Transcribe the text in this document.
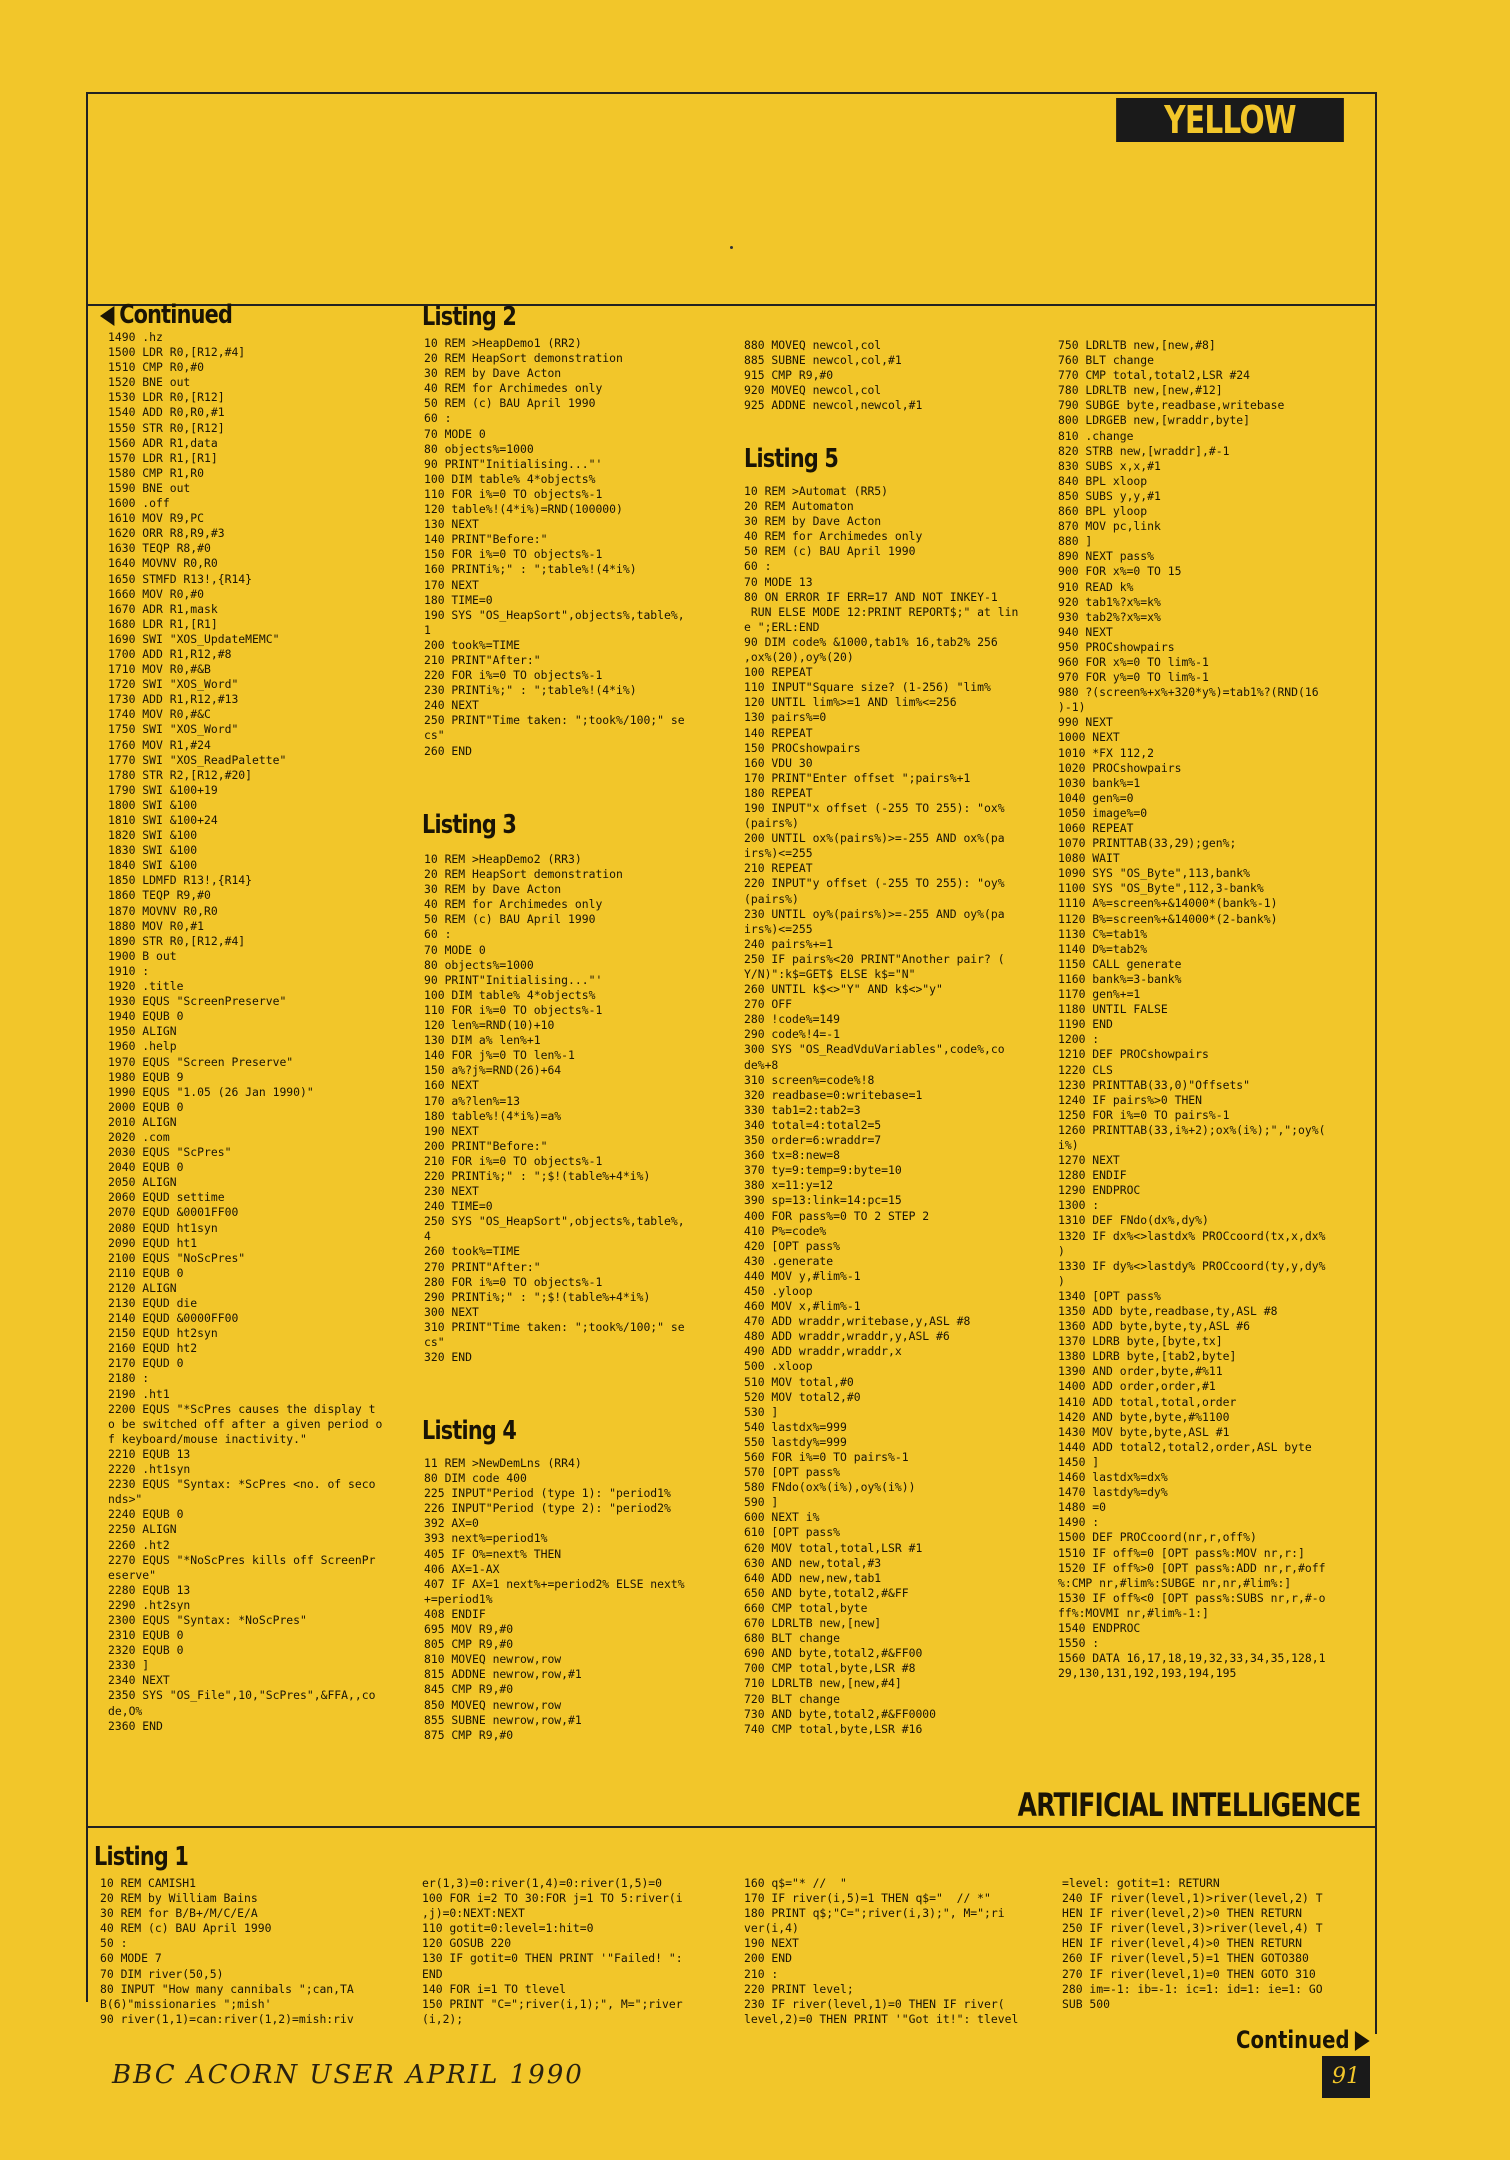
YELLOW PAGES
Continued

1490 .hz

1500 LDR R0,[R12,#4]

1510 CMP R0,#0

1520 BNE out

1530 LDR R0,[R12]

1540 ADD R0,R0,#1

1550 STR R0,[R12]

1560 ADR R1,data

1570 LDR R1,[R1]

1580 CMP R1,R0

1590 BNE out

1600 .off

1610 MOV R9,PC

1620 ORR R8,R9,#3

1630 TEQP R8,#0

1640 MOVNV R0,R0

1650 STMFD R13!,{R14}

1660 MOV R0,#0

1670 ADR R1,mask

1680 LDR R1,[R1]

1690 SWI "XOS_UpdateMEMC"

1700 ADD R1,R12,#8

1710 MOV R0,#&B

1720 SWI "XOS_Word"

1730 ADD R1,R12,#13

1740 MOV R0,#&C

1750 SWI "XOS_Word"

1760 MOV R1,#24

1770 SWI "XOS_ReadPalette"

1780 STR R2,[R12,#20]

1790 SWI &100+19

1800 SWI &100

1810 SWI &100+24

1820 SWI &100

1830 SWI &100

1840 SWI &100

1850 LDMFD R13!,{R14}

1860 TEQP R9,#0

1870 MOVNV R0,R0

1880 MOV R0,#1

1890 STR R0,[R12,#4]

1900 B out

1910 :

1920 .title

1930 EQUS "ScreenPreserve"

1940 EQUB 0

1950 ALIGN

1960 .help

1970 EQUS "Screen Preserve"

1980 EQUB 9

1990 EQUS "1.05 (26 Jan 1990)"

2000 EQUB 0

2010 ALIGN

2020 .com

2030 EQUS "ScPres"

2040 EQUB 0

2050 ALIGN

2060 EQUD settime

2070 EQUD &0001FF00

2080 EQUD ht1syn

2090 EQUD ht1

2100 EQUS "NoScPres"

2110 EQUB 0

2120 ALIGN

2130 EQUD die

2140 EQUD &0000FF00

2150 EQUD ht2syn

2160 EQUD ht2

2170 EQUD 0

2180 :

2190 .ht1

2200 EQUS "*ScPres causes the display t

o be switched off after a given period o

f keyboard/mouse inactivity."

2210 EQUB 13

2220 .ht1syn

2230 EQUS "Syntax: *ScPres <no. of seco

nds>"

2240 EQUB 0

2250 ALIGN

2260 .ht2

2270 EQUS "*NoScPres kills off ScreenPr

eserve"

2280 EQUB 13

2290 .ht2syn

2300 EQUS "Syntax: *NoScPres"

2310 EQUB 0

2320 EQUB 0

2330 ]

2340 NEXT

2350 SYS "OS_File",10,"ScPres",&FFA,,co

de,O%

2360 END

Listing 2

10 REM >HeapDemo1 (RR2)

20 REM HeapSort demonstration

30 REM by Dave Acton

40 REM for Archimedes only

50 REM (c) BAU April 1990

60 :

70 MODE 0

80 objects%=1000

90 PRINT"Initialising..."'

100 DIM table% 4*objects%

110 FOR i%=0 TO objects%-1

120 table%!(4*i%)=RND(100000)

130 NEXT

140 PRINT"Before:"

150 FOR i%=0 TO objects%-1

160 PRINTi%;" : ";table%!(4*i%)

170 NEXT

180 TIME=0

190 SYS "OS_HeapSort",objects%,table%,

1

200 took%=TIME

210 PRINT"After:"

220 FOR i%=0 TO objects%-1

230 PRINTi%;" : ";table%!(4*i%)

240 NEXT

250 PRINT"Time taken: ";took%/100;" se

cs"

260 END

Listing 3

10 REM >HeapDemo2 (RR3)

20 REM HeapSort demonstration

30 REM by Dave Acton

40 REM for Archimedes only

50 REM (c) BAU April 1990

60 :

70 MODE 0

80 objects%=1000

90 PRINT"Initialising..."'

100 DIM table% 4*objects%

110 FOR i%=0 TO objects%-1

120 len%=RND(10)+10

130 DIM a% len%+1

140 FOR j%=0 TO len%-1

150 a%?j%=RND(26)+64

160 NEXT

170 a%?len%=13

180 table%!(4*i%)=a%

190 NEXT

200 PRINT"Before:"

210 FOR i%=0 TO objects%-1

220 PRINTi%;" : ";$!(table%+4*i%)

230 NEXT

240 TIME=0

250 SYS "OS_HeapSort",objects%,table%,

4

260 took%=TIME

270 PRINT"After:"

280 FOR i%=0 TO objects%-1

290 PRINTi%;" : ";$!(table%+4*i%)

300 NEXT

310 PRINT"Time taken: ";took%/100;" se

cs"

320 END

Listing 4

11 REM >NewDemLns (RR4)

80 DIM code 400

225 INPUT"Period (type 1): "period1%

226 INPUT"Period (type 2): "period2%

392 AX=0

393 next%=period1%

405 IF O%=next% THEN

406 AX=1-AX

407 IF AX=1 next%+=period2% ELSE next%

+=period1%

408 ENDIF

695 MOV R9,#0

805 CMP R9,#0

810 MOVEQ newrow,row

815 ADDNE newrow,row,#1

845 CMP R9,#0

850 MOVEQ newrow,row

855 SUBNE newrow,row,#1

875 CMP R9,#0

880 MOVEQ newcol,col

885 SUBNE newcol,col,#1

915 CMP R9,#0

920 MOVEQ newcol,col

925 ADDNE newcol,newcol,#1

Listing 5

10 REM >Automat (RR5)

20 REM Automaton

30 REM by Dave Acton

40 REM for Archimedes only

50 REM (c) BAU April 1990

60 :

70 MODE 13

80 ON ERROR IF ERR=17 AND NOT INKEY-1

RUN ELSE MODE 12:PRINT REPORT$;" at lin

e ";ERL:END

90 DIM code% &1000,tab1% 16,tab2% 256

,ox%(20),oy%(20)

100 REPEAT

110 INPUT"Square size? (1-256) "lim%

120 UNTIL lim%>=1 AND lim%<=256

130 pairs%=0

140 REPEAT

150 PROCshowpairs

160 VDU 30

170 PRINT"Enter offset ";pairs%+1

180 REPEAT

190 INPUT"x offset (-255 TO 255): "ox%

(pairs%)

200 UNTIL ox%(pairs%)>=-255 AND ox%(pa

irs%)<=255

210 REPEAT

220 INPUT"y offset (-255 TO 255): "oy%

(pairs%)

230 UNTIL oy%(pairs%)>=-255 AND oy%(pa

irs%)<=255

240 pairs%+=1

250 IF pairs%<20 PRINT"Another pair? (

Y/N)":k$=GET$ ELSE k$="N"

260 UNTIL k$<>"Y" AND k$<>"y"

270 OFF

280 !code%=149

290 code%!4=-1

300 SYS "OS_ReadVduVariables",code%,co

de%+8

310 screen%=code%!8

320 readbase=0:writebase=1

330 tab1=2:tab2=3

340 total=4:total2=5

350 order=6:wraddr=7

360 tx=8:new=8

370 ty=9:temp=9:byte=10

380 x=11:y=12

390 sp=13:link=14:pc=15

400 FOR pass%=0 TO 2 STEP 2

410 P%=code%

420 [OPT pass%

430 .generate

440 MOV y,#lim%-1

450 .yloop

460 MOV x,#lim%-1

470 ADD wraddr,writebase,y,ASL #8

480 ADD wraddr,wraddr,y,ASL #6

490 ADD wraddr,wraddr,x

500 .xloop

510 MOV total,#0

520 MOV total2,#0

530 ]

540 lastdx%=999

550 lastdy%=999

560 FOR i%=0 TO pairs%-1

570 [OPT pass%

580 FNdo(ox%(i%),oy%(i%))

590 ]

600 NEXT i%

610 [OPT pass%

620 MOV total,total,LSR #1

630 AND new,total,#3

640 ADD new,new,tab1

650 AND byte,total2,#&FF

660 CMP total,byte

670 LDRLTB new,[new]

680 BLT change

690 AND byte,total2,#&FF00

700 CMP total,byte,LSR #8

710 LDRLTB new,[new,#4]

720 BLT change

730 AND byte,total2,#&FF0000

740 CMP total,byte,LSR #16

750 LDRLTB new,[new,#8]

760 BLT change

770 CMP total,total2,LSR #24

780 LDRLTB new,[new,#12]

790 SUBGE byte,readbase,writebase

800 LDRGEB new,[wraddr,byte]

810 .change

820 STRB new,[wraddr],#-1

830 SUBS x,x,#1

840 BPL xloop

850 SUBS y,y,#1

860 BPL yloop

870 MOV pc,link

880 ]

890 NEXT pass%

900 FOR x%=0 TO 15

910 READ k%

920 tab1%?x%=k%

930 tab2%?x%=x%

940 NEXT

950 PROCshowpairs

960 FOR x%=0 TO lim%-1

970 FOR y%=0 TO lim%-1

980 ?(screen%+x%+320*y%)=tab1%?(RND(16

)-1)

990 NEXT

1000 NEXT

1010 *FX 112,2

1020 PROCshowpairs

1030 bank%=1

1040 gen%=0

1050 image%=0

1060 REPEAT

1070 PRINTTAB(33,29);gen%;

1080 WAIT

1090 SYS "OS_Byte",113,bank%

1100 SYS "OS_Byte",112,3-bank%

1110 A%=screen%+&14000*(bank%-1)

1120 B%=screen%+&14000*(2-bank%)

1130 C%=tab1%

1140 D%=tab2%

1150 CALL generate

1160 bank%=3-bank%

1170 gen%+=1

1180 UNTIL FALSE

1190 END

1200 :

1210 DEF PROCshowpairs

1220 CLS

1230 PRINTTAB(33,0)"Offsets"

1240 IF pairs%>0 THEN

1250 FOR i%=0 TO pairs%-1

1260 PRINTTAB(33,i%+2);ox%(i%);",";oy%(

i%)

1270 NEXT

1280 ENDIF

1290 ENDPROC

1300 :

1310 DEF FNdo(dx%,dy%)

1320 IF dx%<>lastdx% PROCcoord(tx,x,dx%

)

1330 IF dy%<>lastdy% PROCcoord(ty,y,dy%

)

1340 [OPT pass%

1350 ADD byte,readbase,ty,ASL #8

1360 ADD byte,byte,ty,ASL #6

1370 LDRB byte,[byte,tx]

1380 LDRB byte,[tab2,byte]

1390 AND order,byte,#%11

1400 ADD order,order,#1

1410 ADD total,total,order

1420 AND byte,byte,#%1100

1430 MOV byte,byte,ASL #1

1440 ADD total2,total2,order,ASL byte

1450 ]

1460 lastdx%=dx%

1470 lastdy%=dy%

1480 =0

1490 :

1500 DEF PROCcoord(nr,r,off%)

1510 IF off%=0 [OPT pass%:MOV nr,r:]

1520 IF off%>0 [OPT pass%:ADD nr,r,#off

%:CMP nr,#lim%:SUBGE nr,nr,#lim%:]

1530 IF off%<0 [OPT pass%:SUBS nr,r,#-o

ff%:MOVMI nr,#lim%-1:]

1540 ENDPROC

1550 :

1560 DATA 16,17,18,19,32,33,34,35,128,1

29,130,131,192,193,194,195

ARTIFICIAL INTELLIGENCE
Listing 1

10 REM CAMISH1

20 REM by William Bains

30 REM for B/B+/M/C/E/A

40 REM (c) BAU April 1990

50 :

60 MODE 7

70 DIM river(50,5)

80 INPUT "How many cannibals ";can,TA

B(6)"missionaries ";mish'

90 river(1,1)=can:river(1,2)=mish:riv

er(1,3)=0:river(1,4)=0:river(1,5)=0

100 FOR i=2 TO 30:FOR j=1 TO 5:river(i

,j)=0:NEXT:NEXT

110 gotit=0:level=1:hit=0

120 GOSUB 220

130 IF gotit=0 THEN PRINT '"Failed! ":

END

140 FOR i=1 TO tlevel

150 PRINT "C=";river(i,1);", M=";river

(i,2);

160 q$="* //  "

170 IF river(i,5)=1 THEN q$="  // *"

180 PRINT q$;"C=";river(i,3);", M=";ri

ver(i,4)

190 NEXT

200 END

210 :

220 PRINT level;

230 IF river(level,1)=0 THEN IF river(

level,2)=0 THEN PRINT '"Got it!": tlevel

=level: gotit=1: RETURN

240 IF river(level,1)>river(level,2) T

HEN IF river(level,2)>0 THEN RETURN

250 IF river(level,3)>river(level,4) T

HEN IF river(level,4)>0 THEN RETURN

260 IF river(level,5)=1 THEN GOTO380

270 IF river(level,1)=0 THEN GOTO 310

280 im=-1: ib=-1: ic=1: id=1: ie=1: GO

SUB 500

Continued
BBC ACORN USER APRIL 1990	91
